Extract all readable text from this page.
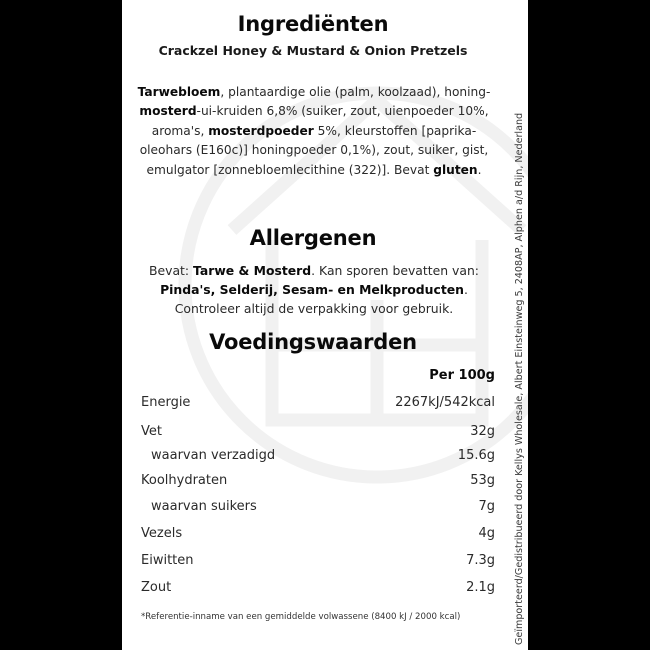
Ingrediënten
Crackzel Honey & Mustard & Onion Pretzels
Tarwebloem, plantaardige olie (palm, koolzaad), honing-mosterd-ui-kruiden 6,8% (suiker, zout, uienpoeder 10%, aroma's, mosterdpoeder 5%, kleurstoffen [paprika-oleohars (E160c)] honingpoeder 0,1%), zout, suiker, gist, emulgator [zonnebloemlecithine (322)]. Bevat gluten.
Allergenen
Bevat: Tarwe & Mosterd. Kan sporen bevatten van: Pinda's, Selderij, Sesam- en Melkproducten. Controleer altijd de verpakking voor gebruik.
Voedingswaarden
Per 100g
Energie	2267kJ/542kcal
Vet	32g
waarvan verzadigd	15.6g
Koolhydraten	53g
waarvan suikers	7g
Vezels	4g
Eiwitten	7.3g
Zout	2.1g
*Referentie-inname van een gemiddelde volwassene (8400 kJ / 2000 kcal)	Geïmporteerd/Gedistribueerd door Kellys Wholesale, Albert Einsteinweg 5, 2408AP, Alphen a/d Rijn, Nederland
